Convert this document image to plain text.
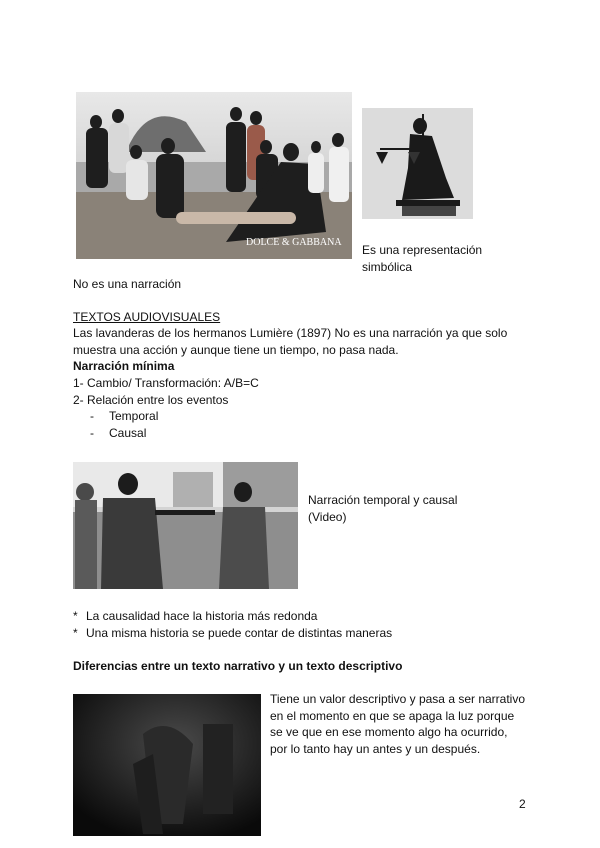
DOLCE & GABBANA
Es una representación
simbólica
No es una narración
TEXTOS AUDIOVISUALES
Las lavanderas de los hermanos Lumière (1897) No es una narración ya que solo
muestra una acción y aunque tiene un tiempo, no pasa nada.
Narración mínima
1- Cambio/ Transformación: A/B=C
2- Relación entre los eventos
- Temporal
- Causal
Narración temporal y causal
(Video)
* La causalidad hace la historia más redonda
* Una misma historia se puede contar de distintas maneras
Diferencias entre un texto narrativo y un texto descriptivo
Tiene un valor descriptivo y pasa a ser narrativo
en el momento en que se apaga la luz porque
se ve que en ese momento algo ha ocurrido,
por lo tanto hay un antes y un después.
2
